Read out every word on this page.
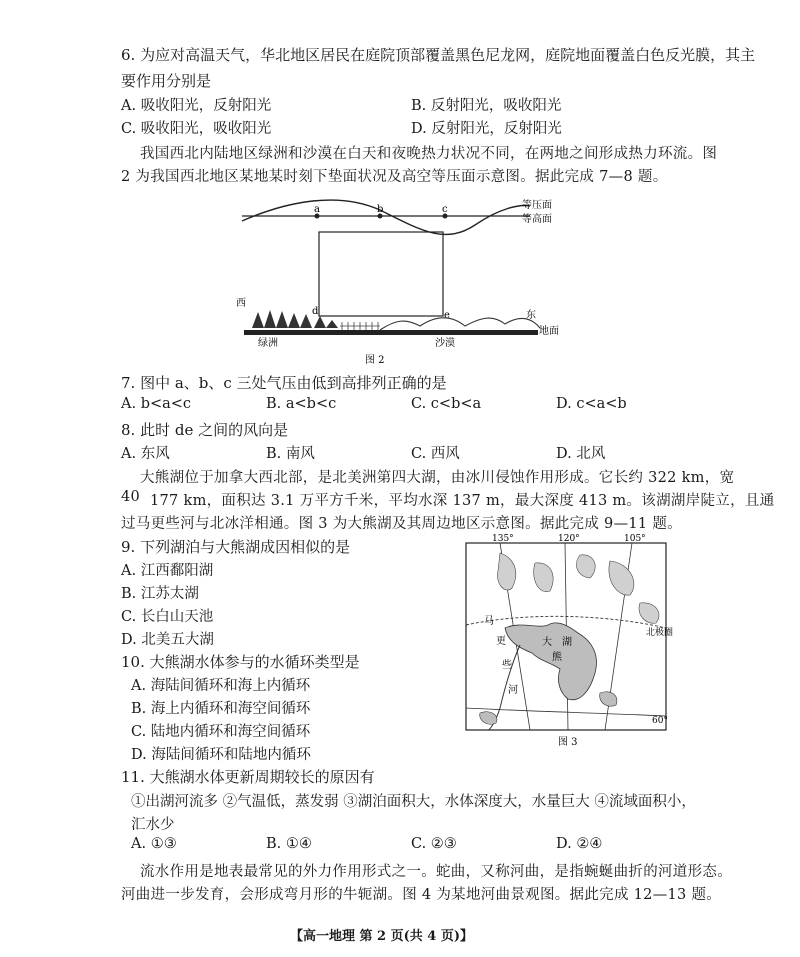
6. 为应对高温天气，华北地区居民在庭院顶部覆盖黑色尼龙网，庭院地面覆盖白色反光膜，其主
要作用分别是
A. 吸收阳光，反射阳光	B. 反射阳光，吸收阳光
C. 吸收阳光，吸收阳光	D. 反射阳光，反射阳光
我国西北内陆地区绿洲和沙漠在白天和夜晚热力状况不同，在两地之间形成热力环流。图
2 为我国西北地区某地某时刻下垫面状况及高空等压面示意图。据此完成 7—8 题。
a	b	c	等压面
等高面
d	e
西
东
地面
绿洲	沙漠
图 2
7. 图中 a、b、c 三处气压由低到高排列正确的是
A. b<a<c	B. a<b<c	C. c<b<a	D. c<a<b
8. 此时 de 之间的风向是
A. 东风	B. 南风	C. 西风	D. 北风
大熊湖位于加拿大西北部，是北美洲第四大湖，由冰川侵蚀作用形成。它长约 322 km，宽
40 177 km，面积达 3.1 万平方千米，平均水深 137 m，最大深度 413 m。该湖湖岸陡立，且通
过马更些河与北冰洋相通。图 3 为大熊湖及其周边地区示意图。据此完成 9—11 题。
9. 下列湖泊与大熊湖成因相似的是
A. 江西鄱阳湖
B. 江苏太湖
C. 长白山天池
D. 北美五大湖
135°	120°	105°
北极圈
60°
马
更
些
河
大
熊
湖
图 3
10. 大熊湖水体参与的水循环类型是
A. 海陆间循环和海上内循环
B. 海上内循环和海空间循环
C. 陆地内循环和海空间循环
D. 海陆间循环和陆地内循环
11. 大熊湖水体更新周期较长的原因有
①出湖河流多 ②气温低，蒸发弱 ③湖泊面积大，水体深度大，水量巨大 ④流域面积小，
汇水少
A. ①③	B. ①④	C. ②③	D. ②④
流水作用是地表最常见的外力作用形式之一。蛇曲，又称河曲，是指蜿蜒曲折的河道形态。
河曲进一步发育，会形成弯月形的牛轭湖。图 4 为某地河曲景观图。据此完成 12—13 题。
【高一地理 第 2 页(共 4 页)】
